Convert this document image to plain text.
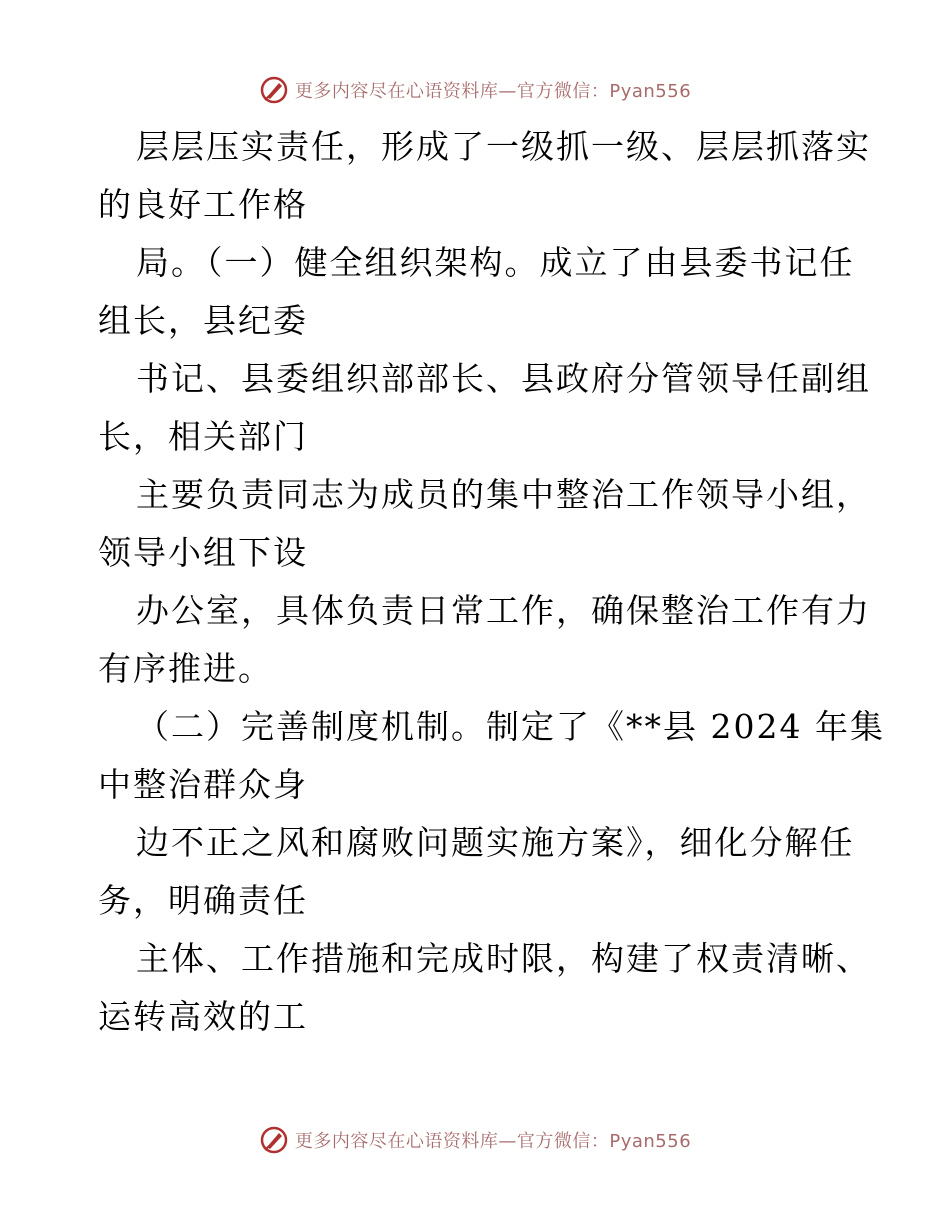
更多内容尽在心语资料库—官方微信：Pyan556
层层压实责任，形成了一级抓一级、层层抓落实
的良好工作格
局。（一）健全组织架构。成立了由县委书记任
组长，县纪委
书记、县委组织部部长、县政府分管领导任副组
长，相关部门
主要负责同志为成员的集中整治工作领导小组，
领导小组下设
办公室，具体负责日常工作，确保整治工作有力
有序推进。
（二）完善制度机制。制定了《**县 2024 年集
中整治群众身
边不正之风和腐败问题实施方案》，细化分解任
务，明确责任
主体、工作措施和完成时限，构建了权责清晰、
运转高效的工
更多内容尽在心语资料库—官方微信：Pyan556
